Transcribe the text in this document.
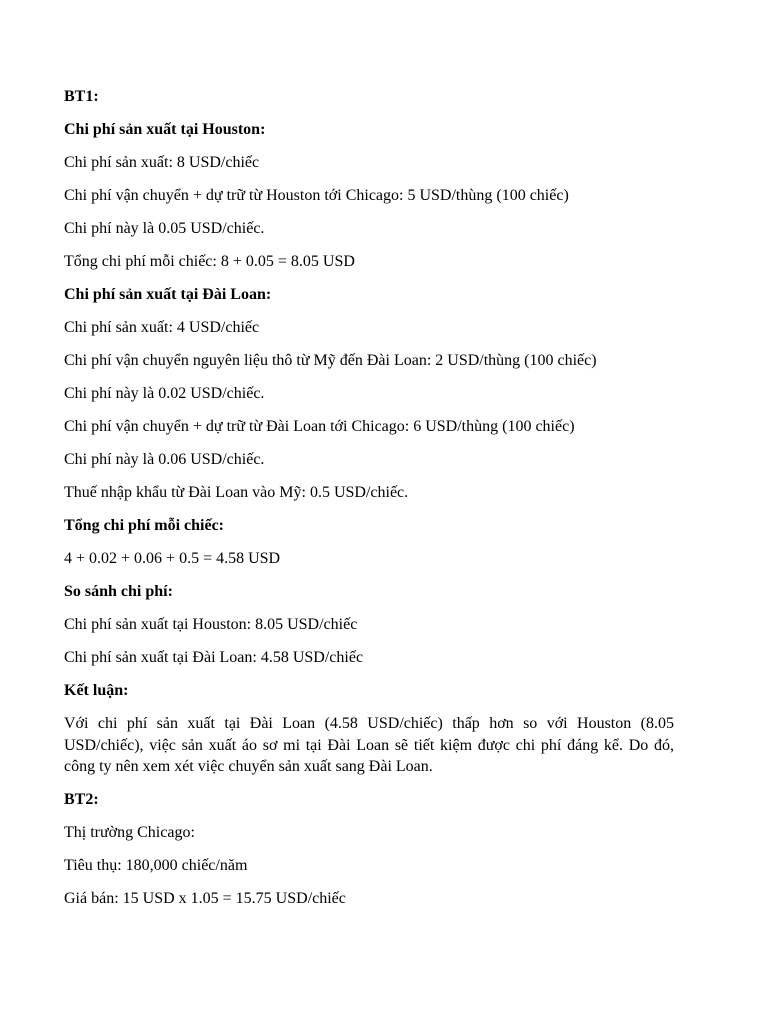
BT1:

Chi phí sản xuất tại Houston:

Chi phí sản xuất: 8 USD/chiếc

Chi phí vận chuyển + dự trữ từ Houston tới Chicago: 5 USD/thùng (100 chiếc)

Chi phí này là 0.05 USD/chiếc.

Tổng chi phí mỗi chiếc: 8 + 0.05 = 8.05 USD

Chi phí sản xuất tại Đài Loan:

Chi phí sản xuất: 4 USD/chiếc

Chi phí vận chuyển nguyên liệu thô từ Mỹ đến Đài Loan: 2 USD/thùng (100 chiếc)

Chi phí này là 0.02 USD/chiếc.

Chi phí vận chuyển + dự trữ từ Đài Loan tới Chicago: 6 USD/thùng (100 chiếc)

Chi phí này là 0.06 USD/chiếc.

Thuế nhập khẩu từ Đài Loan vào Mỹ: 0.5 USD/chiếc.

Tổng chi phí mỗi chiếc:

4 + 0.02 + 0.06 + 0.5 = 4.58 USD

So sánh chi phí:

Chi phí sản xuất tại Houston: 8.05 USD/chiếc

Chi phí sản xuất tại Đài Loan: 4.58 USD/chiếc

Kết luận:

Với chi phí sản xuất tại Đài Loan (4.58 USD/chiếc) thấp hơn so với Houston (8.05 USD/chiếc), việc sản xuất áo sơ mi tại Đài Loan sẽ tiết kiệm được chi phí đáng kể. Do đó, công ty nên xem xét việc chuyển sản xuất sang Đài Loan.

BT2:

Thị trường Chicago:

Tiêu thụ: 180,000 chiếc/năm

Giá bán: 15 USD x 1.05 = 15.75 USD/chiếc
